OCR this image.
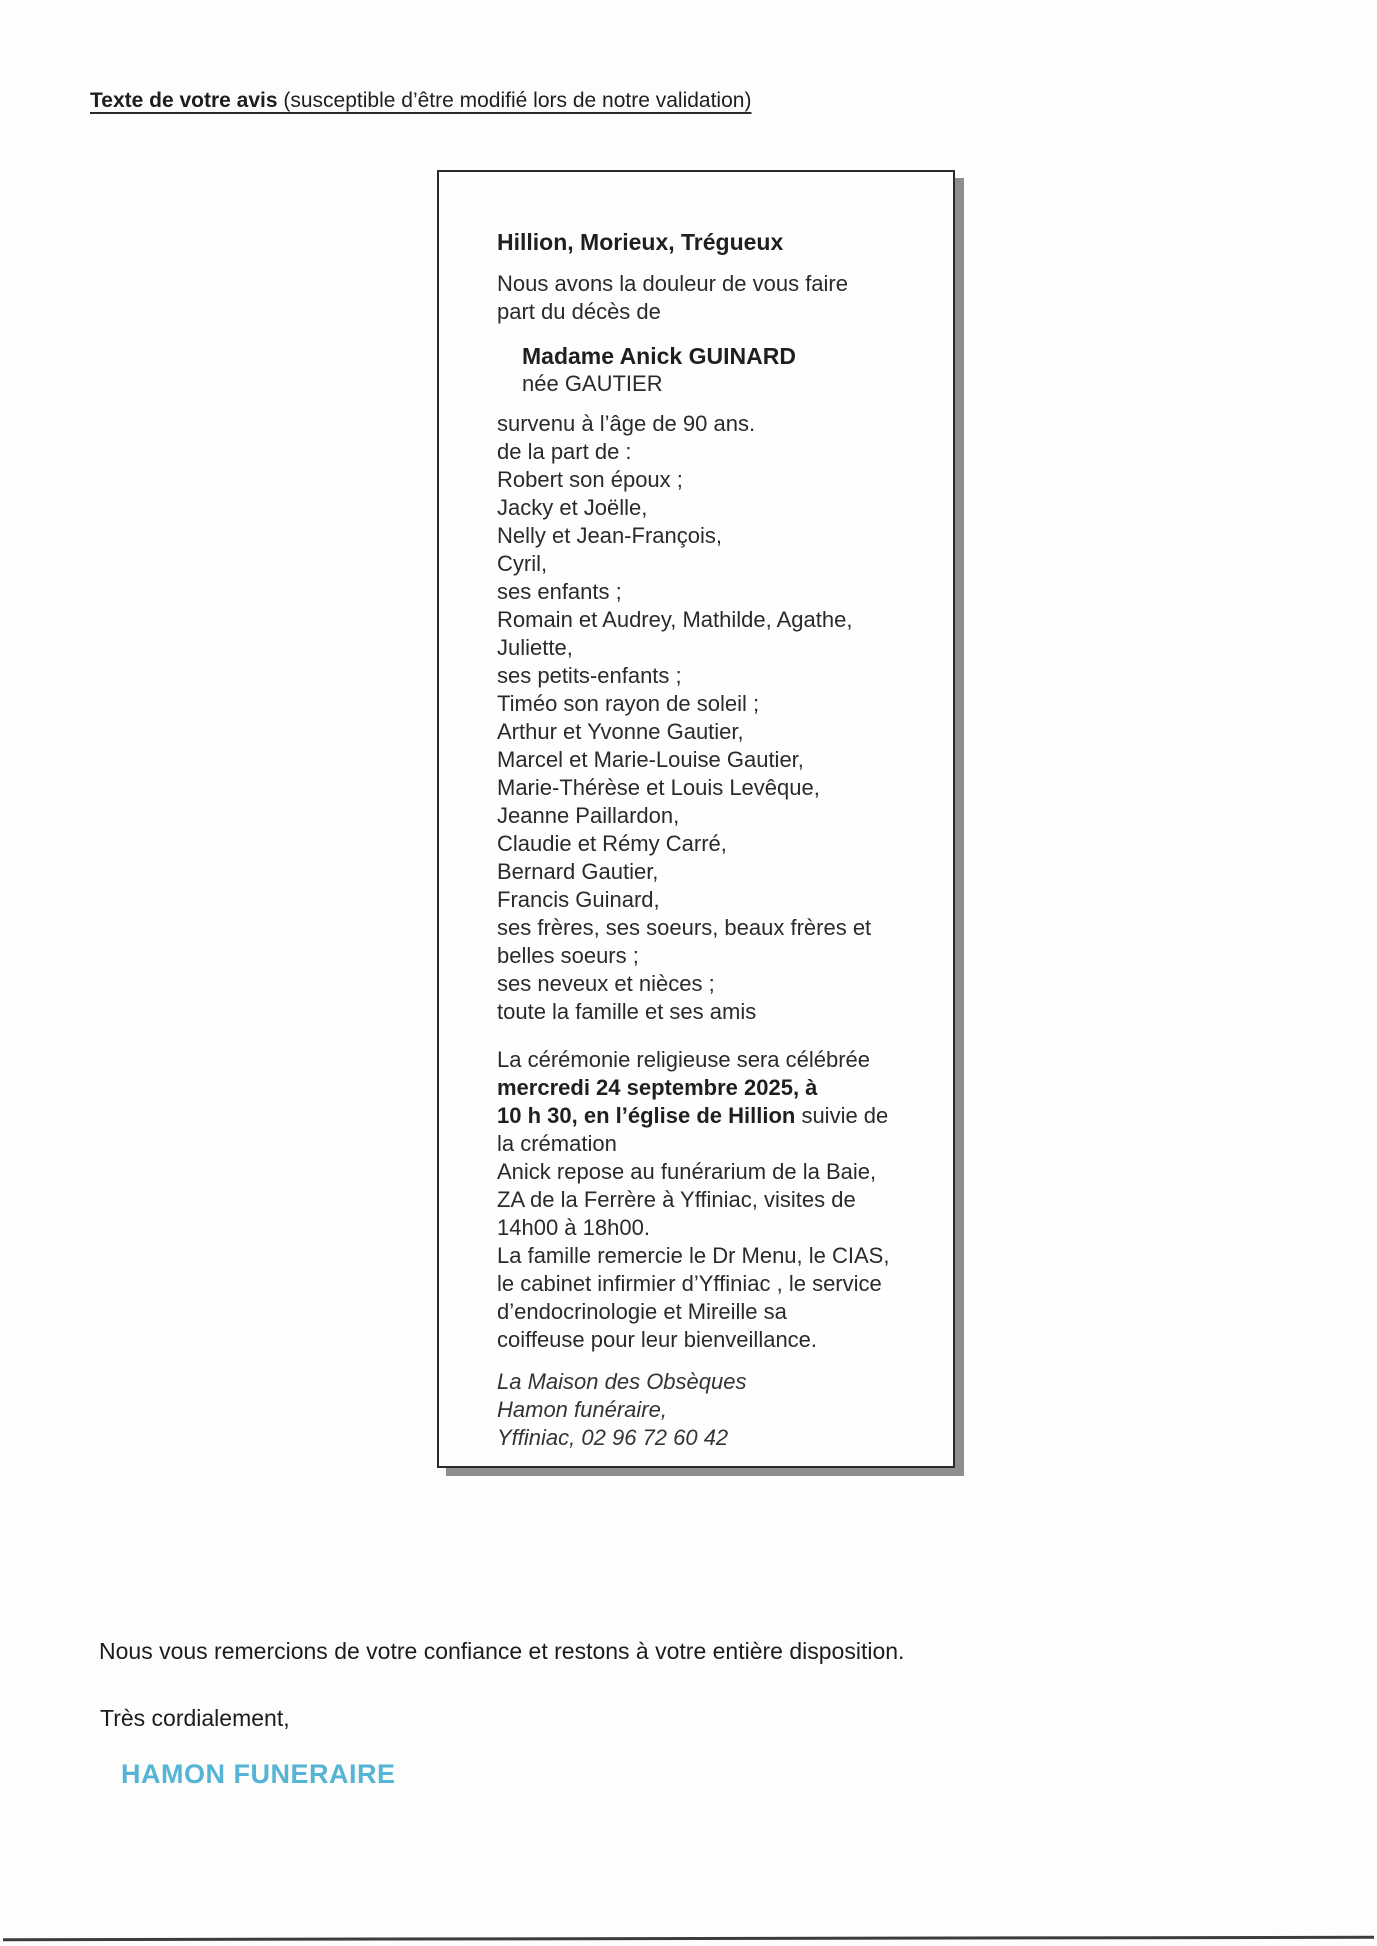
Texte de votre avis (susceptible d’être modifié lors de notre validation)
Hillion, Morieux, Trégueux
Nous avons la douleur de vous faire
part du décès de
Madame Anick GUINARD
née GAUTIER
survenu à l’âge de 90 ans.
de la part de :
Robert son époux ;
Jacky et Joëlle,
Nelly et Jean-François,
Cyril,
ses enfants ;
Romain et Audrey, Mathilde, Agathe,
Juliette,
ses petits-enfants ;
Timéo son rayon de soleil ;
Arthur et Yvonne Gautier,
Marcel et Marie-Louise Gautier,
Marie-Thérèse et Louis Levêque,
Jeanne Paillardon,
Claudie et Rémy Carré,
Bernard Gautier,
Francis Guinard,
ses frères, ses soeurs, beaux frères et
belles soeurs ;
ses neveux et nièces ;
toute la famille et ses amis
La cérémonie religieuse sera célébrée
mercredi 24 septembre 2025, à
10 h 30, en l’église de Hillion suivie de
la crémation
Anick repose au funérarium de la Baie,
ZA de la Ferrère à Yffiniac, visites de
14h00 à 18h00.
La famille remercie le Dr Menu, le CIAS,
le cabinet infirmier d’Yffiniac , le service
d’endocrinologie et Mireille sa
coiffeuse pour leur bienveillance.
La Maison des Obsèques
Hamon funéraire,
Yffiniac, 02 96 72 60 42
Nous vous remercions de votre confiance et restons à votre entière disposition.
Très cordialement,
HAMON FUNERAIRE
